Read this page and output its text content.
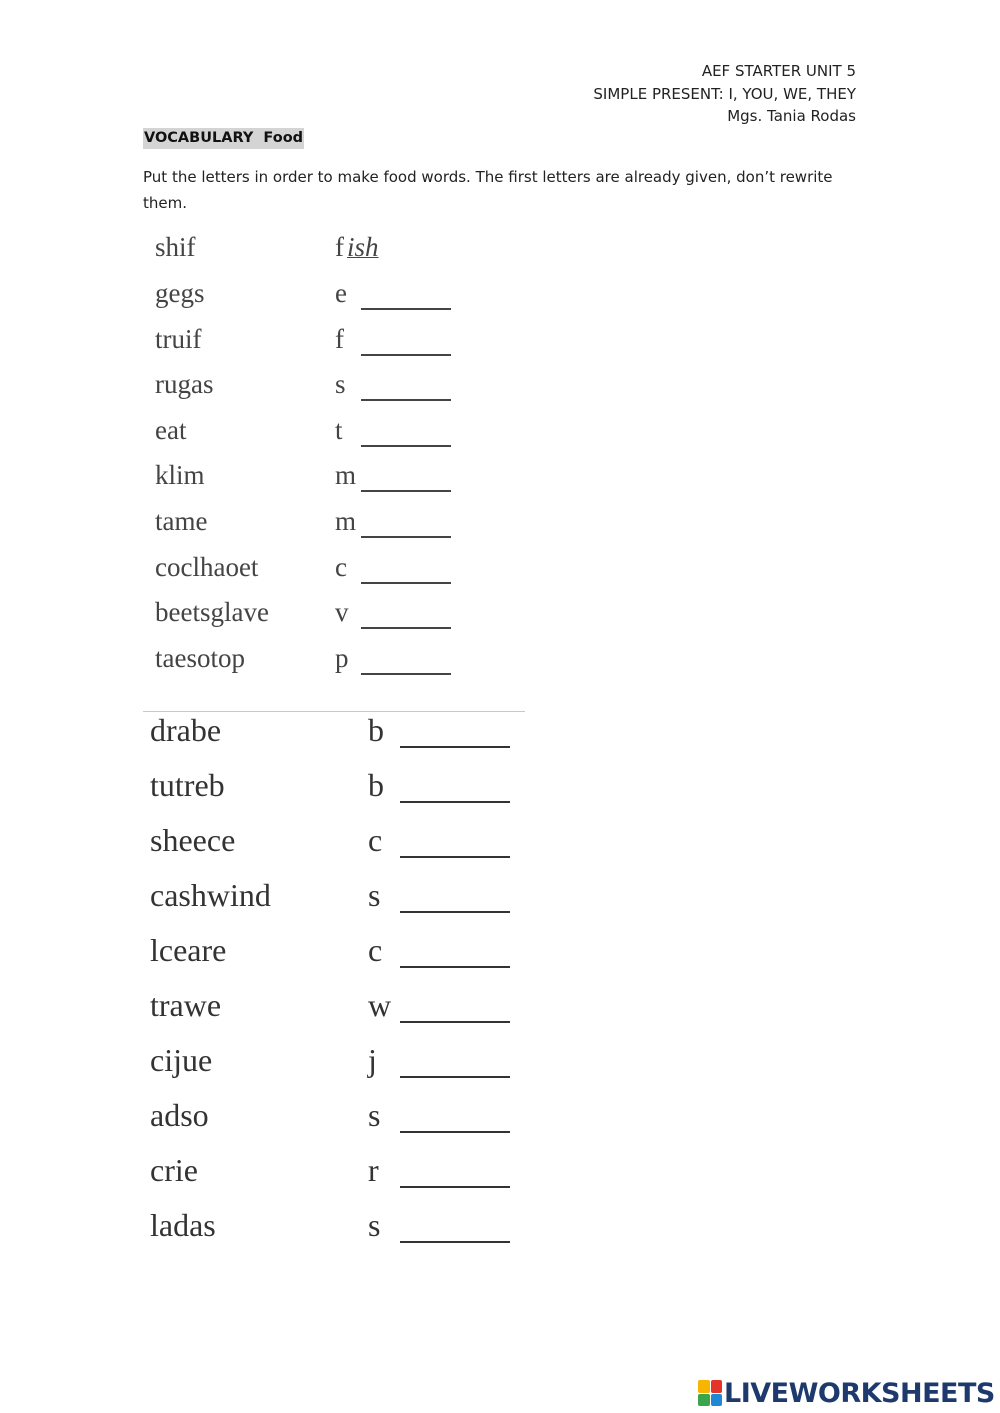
AEF STARTER UNIT 5
SIMPLE PRESENT: I, YOU, WE, THEY
Mgs. Tania Rodas
VOCABULARY  Food
Put the letters in order to make food words. The first letters are already given, don’t rewrite them.
shif	f ish
gegs	e
truif	f
rugas	s
eat	t
klim	m
tame	m
coclhaoet	c
beetsglave v
taesotop	p
drabe	b
tutreb	b
sheece	c
cashwind	s
lceare	c
trawe	w
cijue	j
adso	s
crie	r
ladas	s
LIVEWORKSHEETS
